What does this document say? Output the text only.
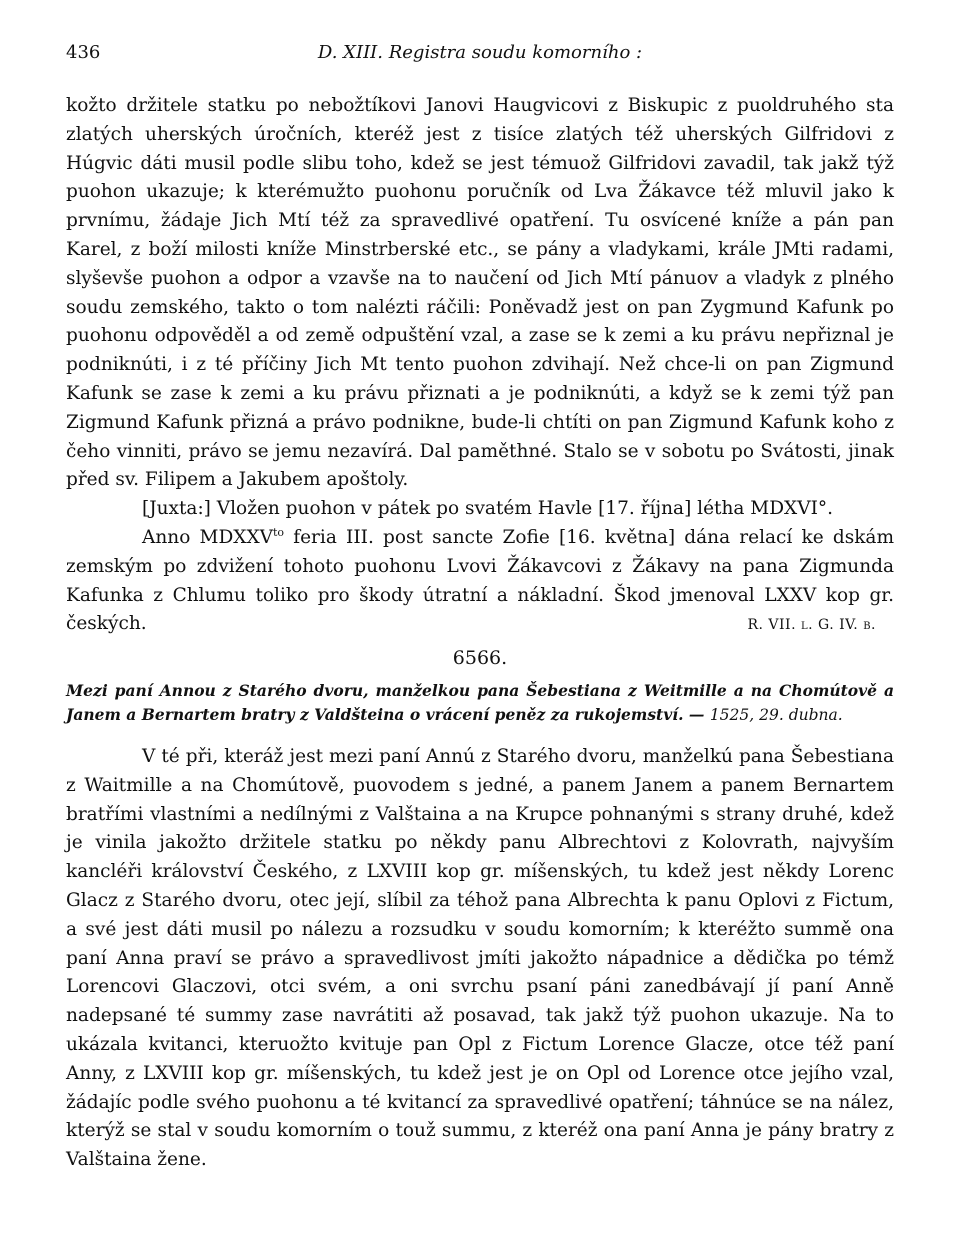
436	D. XIII. Registra soudu komorního :

kožto držitele statku po nebožtíkovi Janovi Haugvicovi z Biskupic z puoldruhého sta zlatých uherských úročních, kteréž jest z tisíce zlatých též uherských Gilfridovi z Húgvic dáti musil podle slibu toho, kdež se jest témuož Gilfridovi zavadil, tak jakž týž puohon ukazuje; k kterémužto puohonu poručník od Lva Žákavce též mluvil jako k prvnímu, žádaje Jich Mtí též za spravedlivé opatření. Tu osvícené kníže a pán pan Karel, z boží milosti kníže Minstrberské etc., se pány a vladykami, krále JMti radami, slyševše puohon a odpor a vzavše na to naučení od Jich Mtí pánuov a vladyk z plného soudu zemského, takto o tom nalézti ráčili: Poněvadž jest on pan Zygmund Kafunk po puohonu odpověděl a od země odpuštění vzal, a zase se k zemi a ku právu nepřiznal je podniknúti, i z té příčiny Jich Mt tento puohon zdvihají. Než chce-li on pan Zigmund Kafunk se zase k zemi a ku právu přiznati a je podniknúti, a když se k zemi týž pan Zigmund Kafunk přizná a právo podnikne, bude-li chtíti on pan Zigmund Kafunk koho z čeho vinniti, právo se jemu nezavírá. Dal paměthné. Stalo se v sobotu po Svátosti, jinak před sv. Filipem a Jakubem apoštoly.

[Juxta:] Vložen puohon v pátek po svatém Havle [17. října] létha MDXVI°.

Anno $MDXXV^{to}$ feria III. post sancte Zofie [16. května] dána relací ke dskám zemským po zdvižení tohoto puohonu Lvovi Žákavcovi z Žákavy na pana Zigmunda Kafunka z Chlumu toliko pro škody útratní a nákladní. Škod jmenoval LXXV kop gr. českých.	R. VII. l. G. IV. b.
6566.
Mezi paní Annou z Starého dvoru, manželkou pana Šebestiana z Weitmille a na Chomútově a Janem a Bernartem bratry z Valdšteina o vrácení peněz za rukojemství. — 1525, 29. dubna.

V té při, kteráž jest mezi paní Annú z Starého dvoru, manželkú pana Šebestiana z Waitmille a na Chomútově, puovodem s jedné, a panem Janem a panem Bernartem bratřími vlastními a nedílnými z Valštaina a na Krupce pohnanými s strany druhé, kdež je vinila jakožto držitele statku po někdy panu Albrechtovi z Kolovrath, najvyším kancléři království Českého, z LXVIII kop gr. míšenských, tu kdež jest někdy Lorenc Glacz z Starého dvoru, otec její, slíbil za téhož pana Albrechta k panu Oplovi z Fictum, a své jest dáti musil po nálezu a rozsudku v soudu komorním; k kteréžto summě ona paní Anna praví se právo a spravedlivost jmíti jakožto nápadnice a dědička po témž Lorencovi Glaczovi, otci svém, a oni svrchu psaní páni zanedbávají jí paní Anně nadepsané té summy zase navrátiti až posavad, tak jakž týž puohon ukazuje. Na to ukázala kvitanci, kteruožto kvituje pan Opl z Fictum Lorence Glacze, otce též paní Anny, z LXVIII kop gr. míšenských, tu kdež jest je on Opl od Lorence otce jejího vzal, žádajíc podle svého puohonu a té kvitancí za spravedlivé opatření; táhnúce se na nález, kterýž se stal v soudu komorním o touž summu, z kteréž ona paní Anna je pány bratry z Valštaina žene.
